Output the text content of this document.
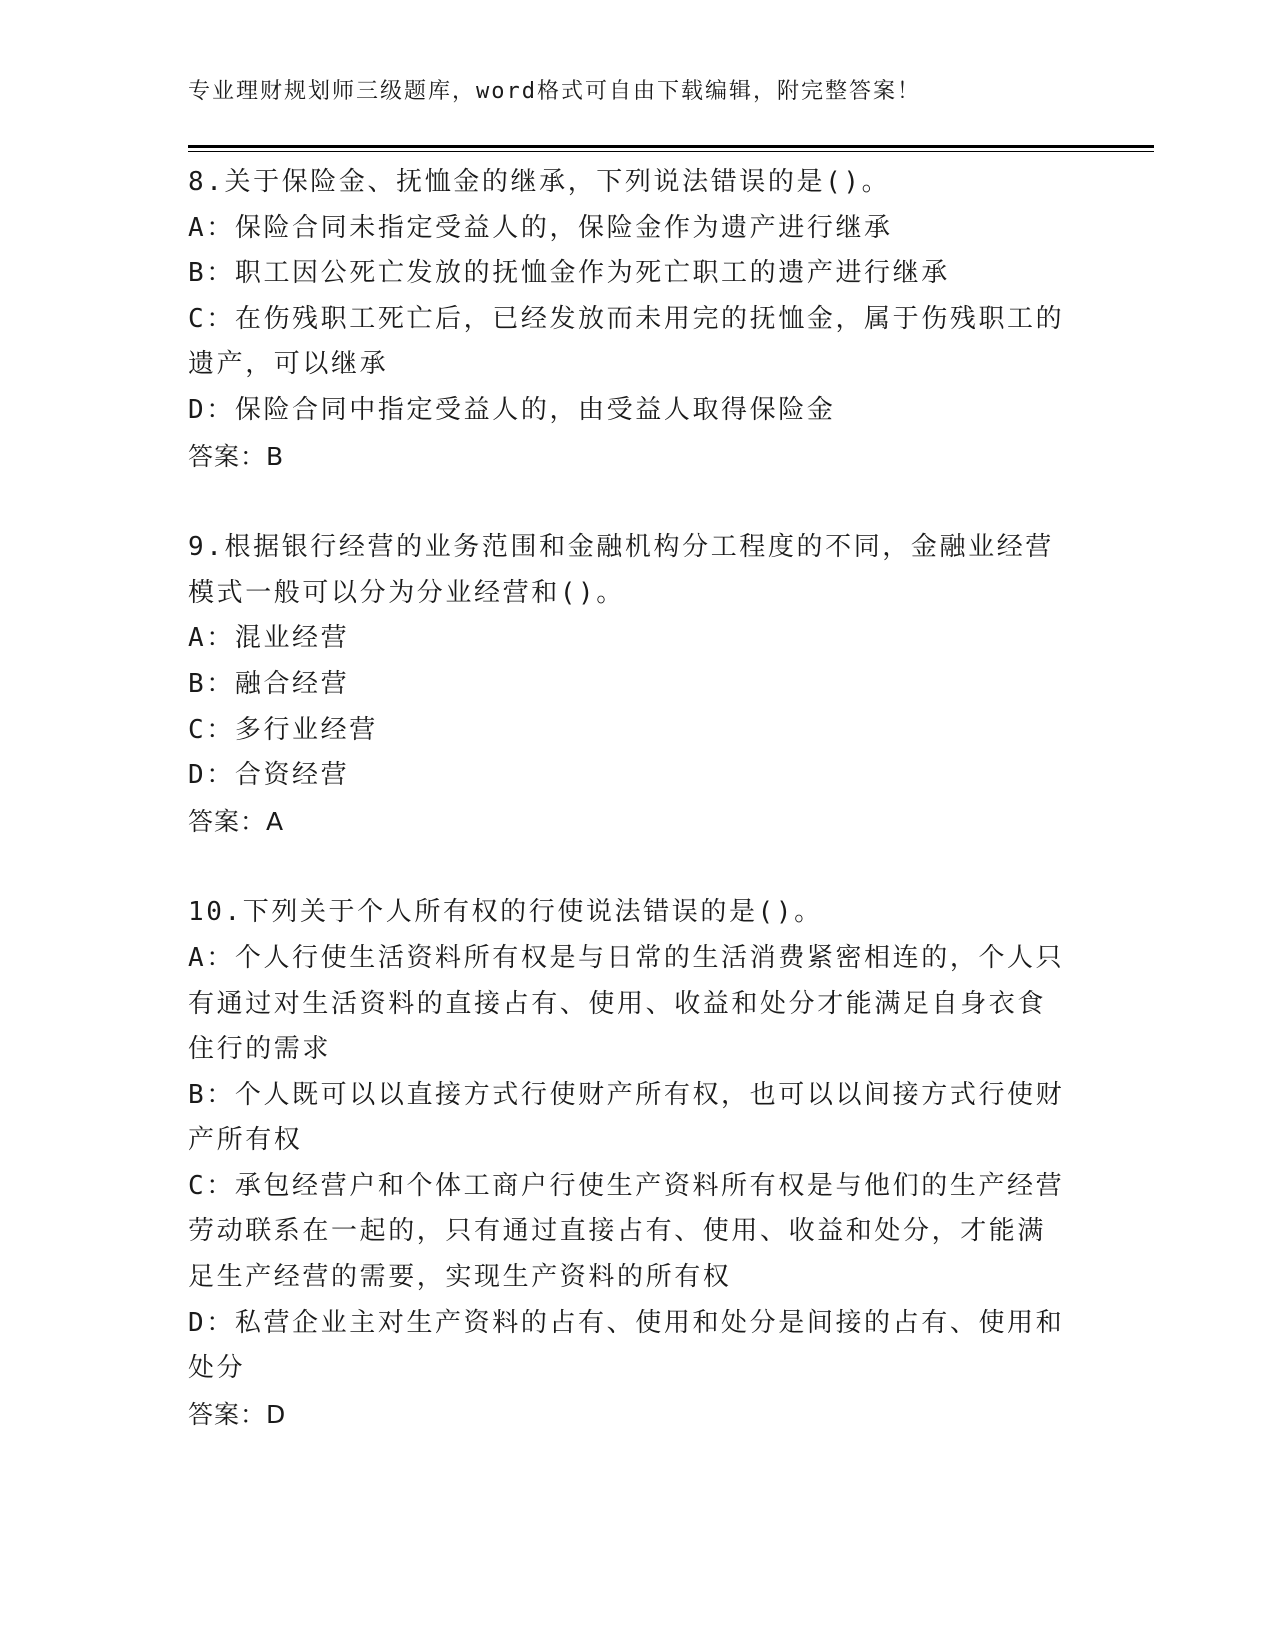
专业理财规划师三级题库，word格式可自由下载编辑，附完整答案！
8.关于保险金、抚恤金的继承，下列说法错误的是()。
A：保险合同未指定受益人的，保险金作为遗产进行继承
B：职工因公死亡发放的抚恤金作为死亡职工的遗产进行继承
C：在伤残职工死亡后，已经发放而未用完的抚恤金，属于伤残职工的
遗产，可以继承
D：保险合同中指定受益人的，由受益人取得保险金
答案：B
9.根据银行经营的业务范围和金融机构分工程度的不同，金融业经营
模式一般可以分为分业经营和()。
A：混业经营
B：融合经营
C：多行业经营
D：合资经营
答案：A
10.下列关于个人所有权的行使说法错误的是()。
A：个人行使生活资料所有权是与日常的生活消费紧密相连的，个人只
有通过对生活资料的直接占有、使用、收益和处分才能满足自身衣食
住行的需求
B：个人既可以以直接方式行使财产所有权，也可以以间接方式行使财
产所有权
C：承包经营户和个体工商户行使生产资料所有权是与他们的生产经营
劳动联系在一起的，只有通过直接占有、使用、收益和处分，才能满
足生产经营的需要，实现生产资料的所有权
D：私营企业主对生产资料的占有、使用和处分是间接的占有、使用和
处分
答案：D
